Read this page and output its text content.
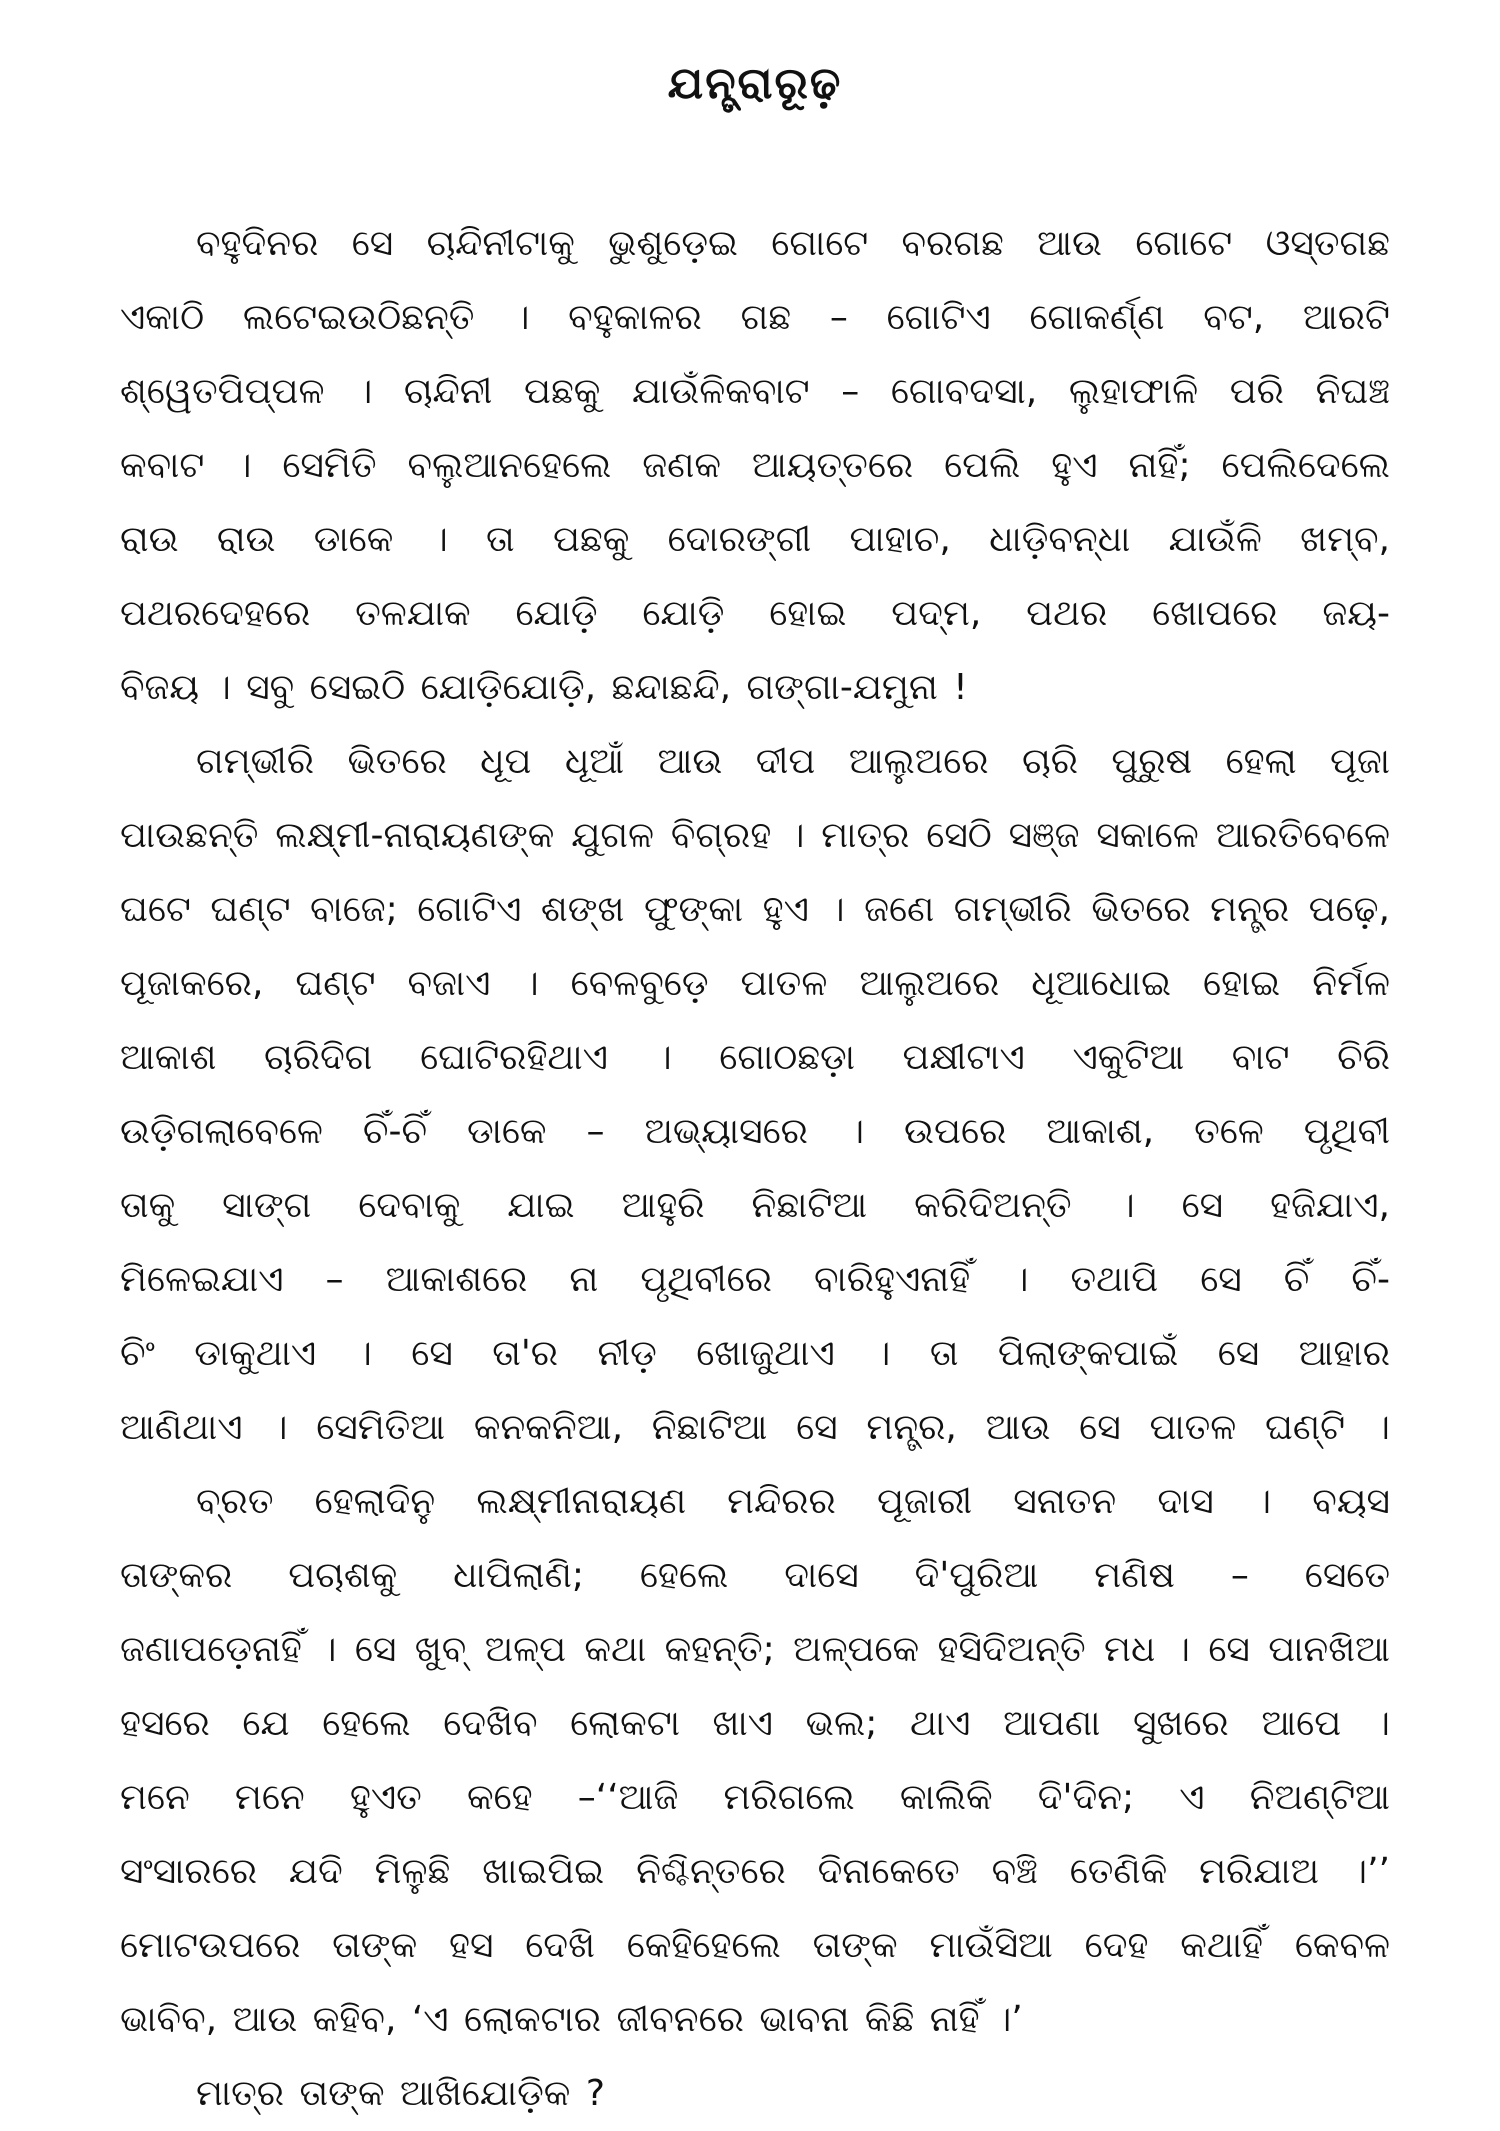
ଯନ୍ତ୍ରାରୂଢ଼
ବହୁଦିନର ସେ ଚାନ୍ଦିନୀଟାକୁ ଭୁଶୁଡ଼େଇ ଗୋଟେ ବରଗଛ ଆଉ ଗୋଟେ ଓସ୍ତଗଛ
ଏକାଠି ଲଟେଇଉଠିଛନ୍ତି । ବହୁକାଳର ଗଛ – ଗୋଟିଏ ଗୋକର୍ଣ୍ଣ ବଟ, ଆରଟି
ଶ୍ୱେତପିପ୍ପଳ । ଚାନ୍ଦିନୀ ପଛକୁ ଯାଉଁଳିକବାଟ – ଗୋବଦସା, ଲୁହାଫାଳି ପରି ନିଘଞ୍ଚ
କବାଟ । ସେମିତି ବଲୁଆନହେଲେ ଜଣକ ଆୟତ୍ତରେ ପେଲି ହୁଏ ନାହିଁ; ପେଲିଦେଲେ
ରାଉ ରାଉ ଡାକେ । ତା ପଛକୁ ଦୋରଙ୍ଗୀ ପାହାଚ, ଧାଡ଼ିବନ୍ଧା ଯାଉଁଳି ଖମ୍ବ,
ପଥରଦେହରେ ତଳଯାକ ଯୋଡ଼ି ଯୋଡ଼ି ହୋଇ ପଦ୍ମ, ପଥର ଖୋପରେ ଜୟ-
ବିଜୟ । ସବୁ ସେଇଠି ଯୋଡ଼ିଯୋଡ଼ି, ଛନ୍ଦାଛନ୍ଦି, ଗଙ୍ଗା-ଯମୁନା !
ଗମ୍ଭୀରି ଭିତରେ ଧୂପ ଧୂଆଁ ଆଉ ଦୀପ ଆଲୁଅରେ ଚାରି ପୁରୁଷ ହେଲା ପୂଜା
ପାଉଛନ୍ତି ଲକ୍ଷ୍ମୀ-ନାରାୟଣଙ୍କ ଯୁଗଳ ବିଗ୍ରହ । ମାତ୍ର ସେଠି ସଞ୍ଜ ସକାଳେ ଆରତିବେଳେ
ଘଟେ ଘଣ୍ଟ ବାଜେ; ଗୋଟିଏ ଶଙ୍ଖ ଫୁଙ୍କା ହୁଏ । ଜଣେ ଗମ୍ଭୀରି ଭିତରେ ମନ୍ତ୍ର ପଢ଼େ,
ପୂଜାକରେ, ଘଣ୍ଟ ବଜାଏ । ବେଳବୁଡ଼େ ପାତଳ ଆଲୁଅରେ ଧୂଆଧୋଇ ହୋଇ ନିର୍ମଳ
ଆକାଶ ଚାରିଦିଗ ଘୋଟିରହିଥାଏ । ଗୋଠଛଡ଼ା ପକ୍ଷୀଟାଏ ଏକୁଟିଆ ବାଟ ଚିରି
ଉଡ଼ିଗଲାବେଳେ ଚିଁ-ଚିଁ ଡାକେ – ଅଭ୍ୟାସରେ । ଉପରେ ଆକାଶ, ତଳେ ପୃଥିବୀ
ତାକୁ ସାଙ୍ଗ ଦେବାକୁ ଯାଇ ଆହୁରି ନିଛାଟିଆ କରିଦିଅନ୍ତି । ସେ ହଜିଯାଏ,
ମିଳେଇଯାଏ – ଆକାଶରେ ନା ପୃଥିବୀରେ ବାରିହୁଏନାହିଁ । ତଥାପି ସେ ଚିଁ ଚିଁ-
ଚିଂ ଡାକୁଥାଏ । ସେ ତା'ର ନୀଡ଼ ଖୋଜୁଥାଏ । ତା ପିଲାଙ୍କପାଇଁ ସେ ଆହାର
ଆଣିଥାଏ । ସେମିତିଆ କନକନିଆ, ନିଛାଟିଆ ସେ ମନ୍ତ୍ର, ଆଉ ସେ ପାତଳ ଘଣ୍ଟି ।
ବ୍ରତ ହେଲାଦିନୁ ଲକ୍ଷ୍ମୀନାରାୟଣ ମନ୍ଦିରର ପୂଜାରୀ ସନାତନ ଦାସ । ବୟସ
ତାଙ୍କର ପଚାଶକୁ ଧାପିଲାଣି; ହେଲେ ଦାସେ ଦି'ପୁରିଆ ମଣିଷ – ସେତେ
ଜଣାପଡ଼େନାହିଁ । ସେ ଖୁବ୍ ଅଳ୍ପ କଥା କହନ୍ତି; ଅଳ୍ପକେ ହସିଦିଅନ୍ତି ମଧ । ସେ ପାନଖିଆ
ହସରେ ଯେ ହେଲେ ଦେଖିବ ଲୋକଟା ଖାଏ ଭଲ; ଥାଏ ଆପଣା ସୁଖରେ ଆପେ ।
ମନେ ମନେ ହୁଏତ କହେ –‘‘ଆଜି ମରିଗଲେ କାଲିକି ଦି'ଦିନ; ଏ ନିଅଣ୍ଟିଆ
ସଂସାରରେ ଯଦି ମିଳୁଛି ଖାଇପିଇ ନିଶ୍ଚିନ୍ତରେ ଦିନାକେତେ ବଞ୍ଚି ତେଣିକି ମରିଯାଅ ।’’
ମୋଟଉପରେ ତାଙ୍କ ହସ ଦେଖି କେହିହେଲେ ତାଙ୍କ ମାଉଁସିଆ ଦେହ କଥାହିଁ କେବଳ
ଭାବିବ, ଆଉ କହିବ, ‘ଏ ଲୋକଟାର ଜୀବନରେ ଭାବନା କିଛି ନାହିଁ ।’
ମାତ୍ର ତାଙ୍କ ଆଖିଯୋଡ଼ିକ ?
